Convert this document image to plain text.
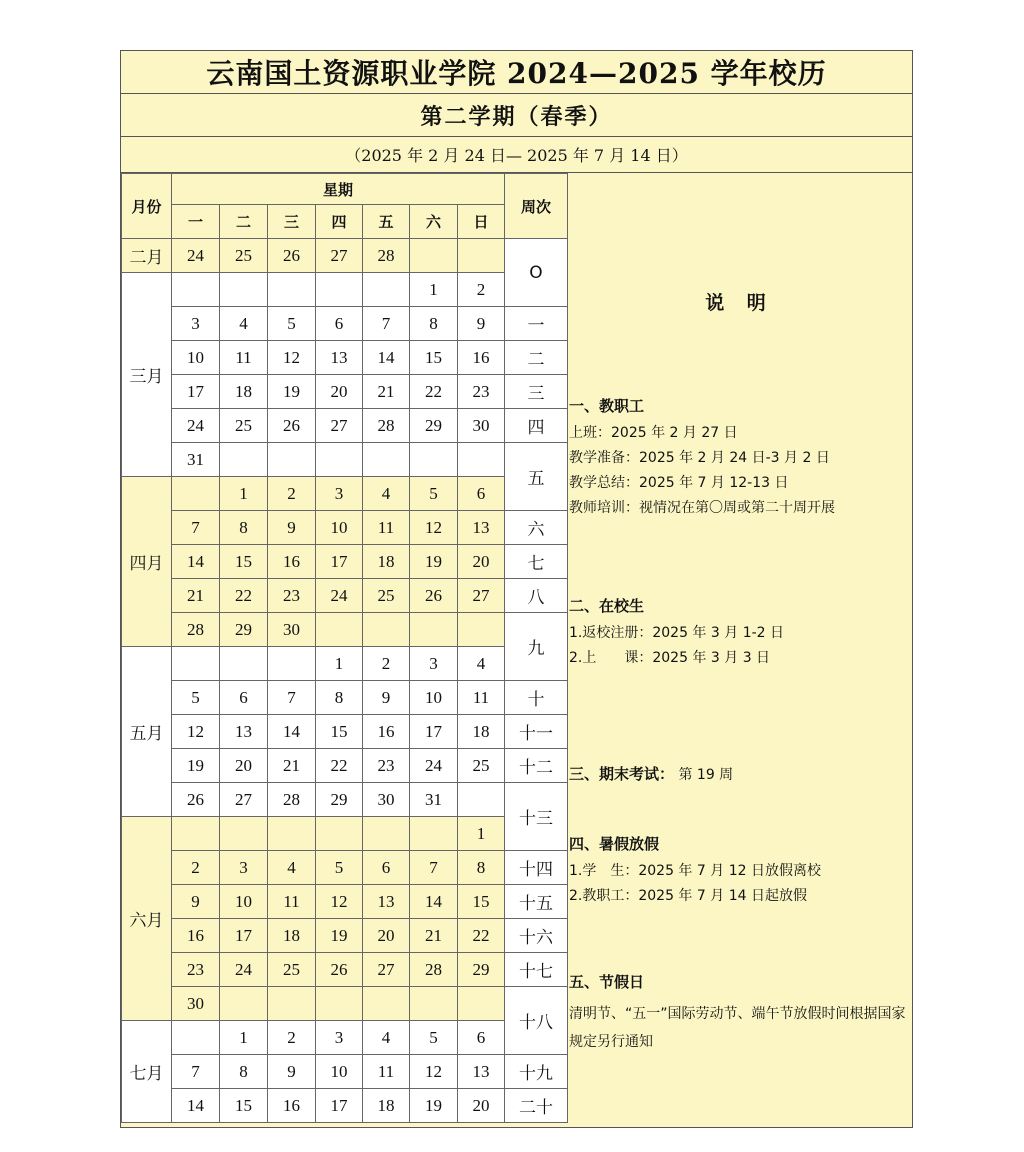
云南国土资源职业学院 2024—2025 学年校历
第二学期（春季）
（2025 年 2 月 24 日— 2025 年 7 月 14 日）
月份	星期							周次
	一	二	三	四	五	六	日	
二月	24	25	26	27	28			O
三月						1	2	
	3	4	5	6	7	8	9	一
	10	11	12	13	14	15	16	二
	17	18	19	20	21	22	23	三
	24	25	26	27	28	29	30	四
	31							五
四月		1	2	3	4	5	6	
	7	8	9	10	11	12	13	六
	14	15	16	17	18	19	20	七
	21	22	23	24	25	26	27	八
	28	29	30					九
五月				1	2	3	4	
	5	6	7	8	9	10	11	十
	12	13	14	15	16	17	18	十一
	19	20	21	22	23	24	25	十二
	26	27	28	29	30	31		十三
六月							1	
	2	3	4	5	6	7	8	十四
	9	10	11	12	13	14	15	十五
	16	17	18	19	20	21	22	十六
	23	24	25	26	27	28	29	十七
	30							十八
七月		1	2	3	4	5	6	
	7	8	9	10	11	12	13	十九
	14	15	16	17	18	19	20	二十
说 明
一、教职工

上班：2025 年 2 月 27 日

教学准备：2025 年 2 月 24 日-3 月 2 日

教学总结：2025 年 7 月 12-13 日

教师培训：视情况在第〇周或第二十周开展

二、在校生

1.返校注册：2025 年 3 月 1-2 日

2.上　　课：2025 年 3 月 3 日

三、期末考试： 第 19 周
四、暑假放假

1.学　生：2025 年 7 月 12 日放假离校

2.教职工：2025 年 7 月 14 日起放假

五、节假日

清明节、“五一”国际劳动节、端午节放假时间根据国家规定另行通知
